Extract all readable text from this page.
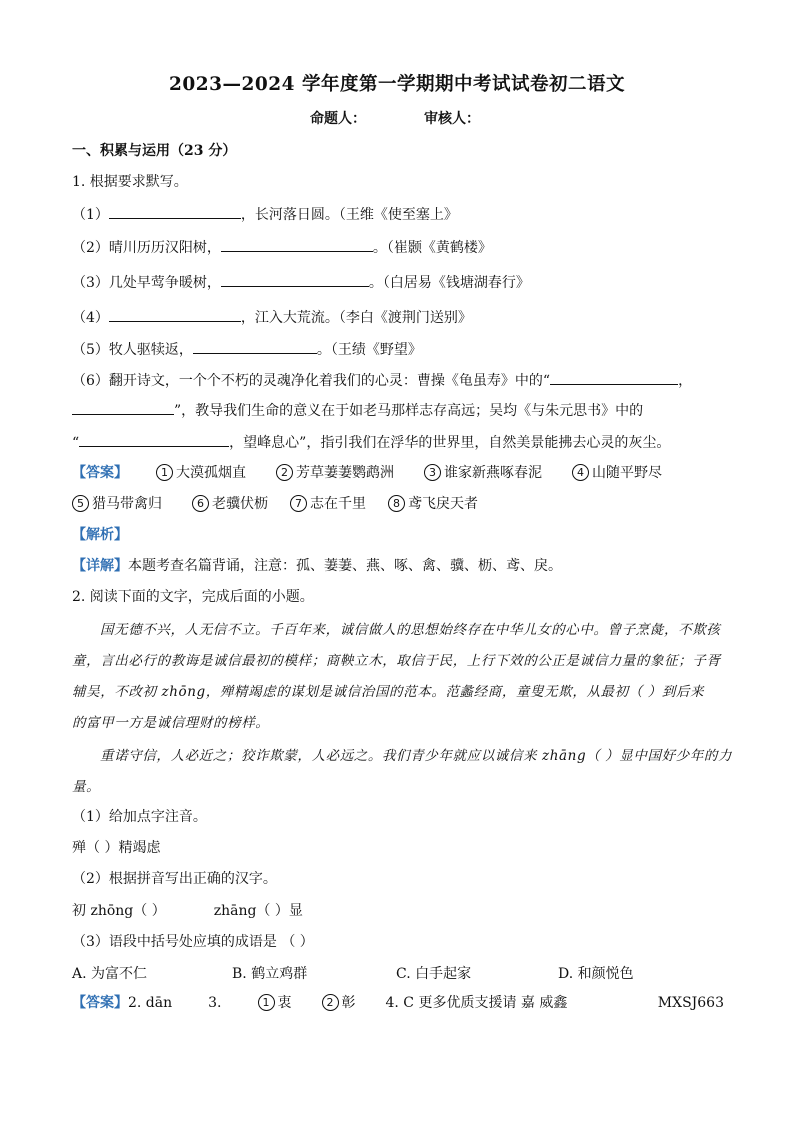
2023—2024 学年度第一学期期中考试试卷初二语文
命题人：	审核人：
一、积累与运用（23 分）
1. 根据要求默写。
（1）	，长河落日圆。（王维《使至塞上》
（2）晴川历历汉阳树，	。（崔颢《黄鹤楼》
（3）几处早莺争暖树，	。（白居易《钱塘湖春行》
（4）	，江入大荒流。（李白《渡荆门送别》
（5）牧人驱犊返，	。（王绩《野望》
（6）翻开诗文，一个个不朽的灵魂净化着我们的心灵：曹操《龟虽寿》中的“	，
”，教导我们生命的意义在于如老马那样志存高远；吴均《与朱元思书》中的
“	，望峰息心”，指引我们在浮华的世界里，自然美景能拂去心灵的灰尘。
【答案】	1 大漠孤烟直	2 芳草萋萋鹦鹉洲	3 谁家新燕啄春泥	4 山随平野尽
5 猎马带禽归	6 老骥伏枥 7 志在千里 8 鸢飞戾天者
【解析】
【详解】本题考查名篇背诵，注意：孤、萋萋、燕、啄、禽、骥、枥、鸢、戾。
2. 阅读下面的文字，完成后面的小题。
国无德不兴，人无信不立。千百年来，诚信做人的思想始终存在中华儿女的心中。曾子烹彘，不欺孩
童，言出必行的教诲是诚信最初的模样；商鞅立木，取信于民，上行下效的公正是诚信力量的象征；子胥
辅吴，不改初 zhōng，殚精竭虑的谋划是诚信治国的范本。范蠡经商，童叟无欺，从最初（ ）到后来
的富甲一方是诚信理财的榜样。
重诺守信，人必近之；狡诈欺蒙，人必远之。我们青少年就应以诚信来 zhāng（ ）显中国好少年的力
量。
（1）给加点字注音。
殚（ ）精竭虑
（2）根据拼音写出正确的汉字。
初 zhōng（ ）	zhāng（ ）显
（3）语段中括号处应填的成语是 （ ）
A. 为富不仁	B. 鹤立鸡群	C. 白手起家	D. 和颜悦色
【答案】2. dān	3.	1 衷	2 彰 4. C 更多优质支援请 嘉 威鑫	MXSJ663
